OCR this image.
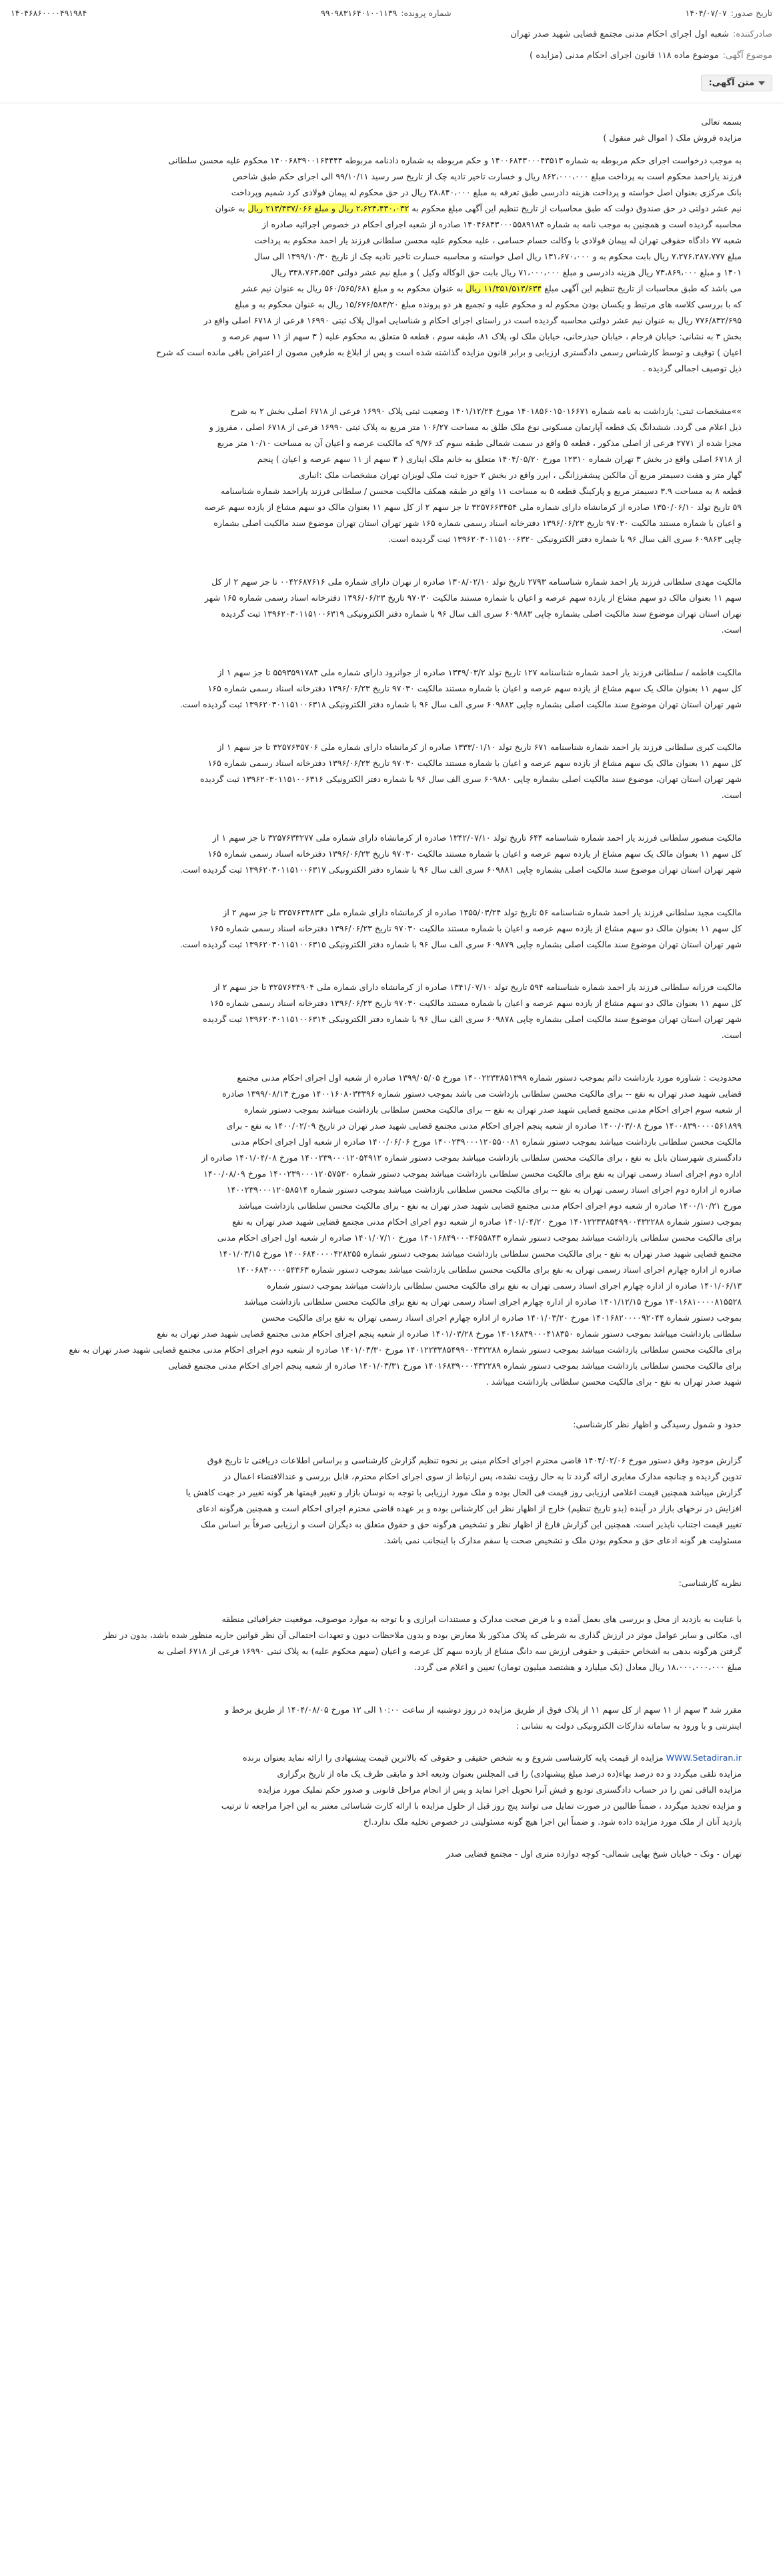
تاریخ صدور:
۱۴۰۴/۰۷/۰۷
شماره پرونده:
۹۹۰۹۸۳۱۶۴۰۱۰۰۱۱۳۹
۱۴۰۴۶۸۶۰۰۰۰۴۹۱۹۸۴
صادرکننده:
شعبه اول اجرای احکام مدنی مجتمع قضایی شهید صدر تهران
موضوع آگهی:
موضوع ماده ۱۱۸ قانون اجرای احکام مدنی (مزایده )
متن آگهی:

بسمه تعالی

مزایده فروش ملک ( اموال غیر منقول )

به موجب درخواست اجرای حکم مربوطه به شماره ۱۴۰۰۶۸۴۳۰۰۰۴۳۵۱۳ و حکم مربوطه به شماره دادنامه مربوطه ۱۴۰۰۶۸۳۹۰۰۱۶۴۴۴۴ محکوم علیه محسن سلطانی
فرزند یاراحمد محکوم است به پرداخت مبلغ ۸۶۲،۰۰۰،۰۰۰ ریال و خسارت تاخیر تادیه چک از تاریخ سر رسید ۹۹/۱۰/۱۱ الی اجرای حکم طبق شاخص
بانک مرکزی بعنوان اصل خواسته و پرداخت هزینه دادرسی طبق تعرفه به مبلغ ۲۸،۸۴۰،۰۰۰ ریال در حق محکوم له پیمان فولادی کرد شمیم وپرداخت
نیم عشر دولتی در حق صندوق دولت که طبق محاسبات از تاریخ تنظیم این آگهی مبلغ محکوم به ۲،۶۲۴،۴۳۰،۰۳۲ ریال و مبلغ ۲۱۳/۴۳۷/۰۶۶ ریال به عنوان
محاسبه گردیده است و همچنین به موجب نامه به شماره ۱۴۰۴۶۸۴۳۰۰۰۵۵۸۹۱۸۴ صادره از شعبه اجرای احکام در خصوص اجرائیه صادره از
شعبه ۷۷ دادگاه حقوقی تهران له پیمان فولادی با وکالت حسام حسامی ، علیه محکوم علیه محسن سلطانی فرزند یار احمد محکوم به پرداخت
مبلغ ۷،۲۷۶،۲۸۷،۷۷۷ ریال بابت محکوم به و ۱۳۱،۶۷۰،۰۰۰ ریال اصل خواسته و محاسبه خسارت تاخیر تادیه چک از تاریخ ۱۳۹۹/۱۰/۳۰ الی سال
۱۴۰۱ و مبلغ ۷۳،۸۶۹،۰۰۰ ریال هزینه دادرسی و مبلغ ۷۱،۰۰۰،۰۰۰ ریال بابت حق الوکاله وکیل ) و مبلغ نیم عشر دولتی ۳۳۸،۷۶۳،۵۵۴ ریال
می باشد که طبق محاسبات از تاریخ تنظیم این آگهی مبلغ ۱۱/۳۵۱/۵۱۳/۶۳۴ ریال به عنوان محکوم به و مبلغ ۵۶۰/۵۶۵/۶۸۱ ریال به عنوان نیم عشر
که با بررسی کلاسه های مرتبط و یکسان بودن محکوم له و محکوم علیه و تجمیع هر دو پرونده مبلغ ۱۵/۶۷۶/۵۸۳/۲۰ ریال به عنوان محکوم به و مبلغ
۷۷۶/۸۳۲/۶۹۵ ریال به عنوان نیم عشر دولتی محاسبه گردیده است در راستای اجرای احکام و شناسایی اموال پلاک ثبتی ۱۶۹۹۰ فرعی از ۶۷۱۸ اصلی واقع در
بخش ۳ به نشانی: خیابان فرجام ، خیابان حیدرخانی، خیابان ملک لو، پلاک ۸۱، طبقه سوم ، قطعه ۵ متعلق به محکوم علیه ( ۳ سهم از ۱۱ سهم عرصه و
اعیان ) توقیف و توسط کارشناس رسمی دادگستری ارزیابی و برابر قانون مزایده گذاشته شده است و پس از ابلاغ به طرفین مصون از اعتراض باقی مانده است که شرح
ذیل توصیف اجمالی گردیده .
»»مشخصات ثبتی: بازداشت به نامه شماره ۱۴۰۱۸۵۶۰۱۵۰۱۶۶۷۱ مورخ ۱۴۰۱/۱۲/۲۴ وضعیت ثبتی پلاک ۱۶۹۹۰ فرعی از ۶۷۱۸ اصلی بخش ۲ به شرح
ذیل اعلام می گردد. ششدانگ یک قطعه آپارتمان مسکونی نوع ملک طلق به مساحت ۱۰۶/۲۷ متر مربع به پلاک ثبتی ۱۶۹۹۰ فرعی از ۶۷۱۸ اصلی ، مفروز و
مجزا شده از ۲۷۷۱ فرعی از اصلی مذکور ، قطعه ۵ واقع در سمت شمالی طبقه سوم کد ۹/۷۶ که مالکیت عرصه و اعیان آن به مساحت ۱۰/۱۰ متر مربع
از ۶۷۱۸ اصلی واقع در بخش ۳ تهران شماره ۱۲۳۱۰ مورخ ۱۴۰۴/۰۵/۲۰ متعلق به خانم ملک ایناری ( ۳ سهم از ۱۱ سهم عرصه و اعیان ) پنجم
گهار متر و هفت دسیمتر مربع آن مالکین پیشفرزانگی ، ایرر واقع در بخش ۲ حوزه ثبت ملک لویزان تهران مشخصات ملک :انباری
قطعه ۸ به مساحت ۳.۹ دسیمتر مربع و پارکینگ قطعه ۵ به مساحت ۱۱ واقع در طبقه همکف مالکیت محسن / سلطانی فرزند یاراحمد شماره شناسنامه
۵۹ تاریخ تولد ۱۳۵۰/۰۶/۱۰ صادره از کرمانشاه دارای شماره ملی ۳۲۵۷۶۶۳۴۵۴ تا جز سهم ۲ از کل سهم ۱۱ بعنوان مالک دو سهم مشاع از یازده سهم عرصه
و اعیان با شماره مستند مالکیت ۹۷۰۳۰ تاریخ ۱۳۹۶/۰۶/۲۳ دفترخانه اسناد رسمی شماره ۱۶۵ شهر تهران استان تهران موضوع سند مالکیت اصلی بشماره
چاپی ۶۰۹۸۶۳ سری الف سال ۹۶ با شماره دفتر الکترونیکی ۱۳۹۶۲۰۳۰۱۱۵۱۰۰۶۳۲۰ ثبت گردیده است.
مالکیت مهدی سلطانی فرزند یار احمد شماره شناسنامه ۲۷۹۳ تاریخ تولد ۱۳۰۸/۰۲/۱۰ صادره از تهران دارای شماره ملی ۰۰۴۲۶۸۷۶۱۶ تا جز سهم ۲ از کل
سهم ۱۱ بعنوان مالک دو سهم مشاع از یازده سهم عرصه و اعیان با شماره مستند مالکیت ۹۷۰۳۰ تاریخ ۱۳۹۶/۰۶/۲۳ دفترخانه اسناد رسمی شماره ۱۶۵ شهر
تهران استان تهران موضوع سند مالکیت اصلی بشماره چاپی ۶۰۹۸۸۳ سری الف سال ۹۶ با شماره دفتر الکترونیکی ۱۳۹۶۲۰۳۰۱۱۵۱۰۰۶۳۱۹ ثبت گردیده
است.
مالکیت فاطمه / سلطانی فرزند یار احمد شماره شناسنامه ۱۲۷ تاریخ تولد ۱۳۴۹/۰۳/۲ صادره از جوانرود دارای شماره ملی ۵۵۹۳۵۹۱۷۸۴ تا جز سهم ۱ از
کل سهم ۱۱ بعنوان مالک یک سهم مشاع از یازده سهم عرصه و اعیان با شماره مستند مالکیت ۹۷۰۳۰ تاریخ ۱۳۹۶/۰۶/۲۳ دفترخانه اسناد رسمی شماره ۱۶۵
شهر تهران استان تهران موضوع سند مالکیت اصلی بشماره چاپی ۶۰۹۸۸۲ سری الف سال ۹۶ با شماره دفتر الکترونیکی ۱۳۹۶۲۰۳۰۱۱۵۱۰۰۶۳۱۸ ثبت گردیده است.
مالکیت کبری سلطانی فرزند یار احمد شماره شناسنامه ۶۷۱ تاریخ تولد ۱۳۳۳/۰۱/۱۰ صادره از کرمانشاه دارای شماره ملی ۳۲۵۷۶۳۵۷۰۶ تا جز سهم ۱ از
کل سهم ۱۱ بعنوان مالک یک سهم مشاع از یازده سهم عرصه و اعیان با شماره مستند مالکیت ۹۷۰۳۰ تاریخ ۱۳۹۶/۰۶/۲۳ دفترخانه اسناد رسمی شماره ۱۶۵
شهر تهران استان تهران، موضوع سند مالکیت اصلی بشماره چاپی ۶۰۹۸۸۰ سری الف سال ۹۶ با شماره دفتر الکترونیکی ۱۳۹۶۲۰۳۰۱۱۵۱۰۰۶۳۱۶ ثبت گردیده
است.
مالکیت منصور سلطانی فرزند یار احمد شماره شناسنامه ۶۴۴ تاریخ تولد ۱۳۴۲/۰۷/۱۰ صادره از کرمانشاه دارای شماره ملی ۳۲۵۷۶۳۳۲۷۷ تا جز سهم ۱ از
کل سهم ۱۱ بعنوان مالک یک سهم مشاع از یازده سهم عرصه و اعیان با شماره مستند مالکیت ۹۷۰۳۰ تاریخ ۱۳۹۶/۰۶/۲۳ دفترخانه اسناد رسمی شماره ۱۶۵
شهر تهران استان تهران موضوع سند مالکیت اصلی بشماره چاپی ۶۰۹۸۸۱ سری الف سال ۹۶ با شماره دفتر الکترونیکی ۱۳۹۶۲۰۳۰۱۱۵۱۰۰۶۳۱۷ ثبت گردیده است.
مالکیت مجید سلطانی فرزند یار احمد شماره شناسنامه ۵۶ تاریخ تولد ۱۳۵۵/۰۳/۲۴ صادره از کرمانشاه دارای شماره ملی ۳۲۵۷۶۳۴۸۳۳ تا جز سهم ۲ از
کل سهم ۱۱ بعنوان مالک دو سهم مشاع از یازده سهم عرصه و اعیان با شماره مستند مالکیت ۹۷۰۳۰ تاریخ ۱۳۹۶/۰۶/۲۳ دفترخانه اسناد رسمی شماره ۱۶۵
شهر تهران استان تهران موضوع سند مالکیت اصلی بشماره چاپی ۶۰۹۸۷۹ سری الف سال ۹۶ با شماره دفتر الکترونیکی ۱۳۹۶۲۰۳۰۱۱۵۱۰۰۶۳۱۵ ثبت گردیده است.
مالکیت فرزانه سلطانی فرزند یار احمد شماره شناسنامه ۵۹۴ تاریخ تولد ۱۳۴۱/۰۷/۱۰ صادره از کرمانشاه دارای شماره ملی ۳۲۵۷۶۳۴۹۰۴ تا جز سهم ۲ از
کل سهم ۱۱ بعنوان مالک دو سهم مشاع از یازده سهم عرصه و اعیان با شماره مستند مالکیت ۹۷۰۳۰ تاریخ ۱۳۹۶/۰۶/۲۳ دفترخانه اسناد رسمی شماره ۱۶۵
شهر تهران استان تهران موضوع سند مالکیت اصلی بشماره چاپی ۶۰۹۸۷۸ سری الف سال ۹۶ با شماره دفتر الکترونیکی ۱۳۹۶۲۰۳۰۱۱۵۱۰۰۶۳۱۴ ثبت گردیده
است.
محدودیت : شناوره مورد بازداشت دائم بموجب دستور شماره ۱۴۰۰۲۲۳۳۸۵۱۳۹۹ مورخ ۱۳۹۹/۰۵/۰۵ صادره از شعبه اول اجرای احکام مدنی مجتمع
قضایی شهید صدر تهران به نفع -- برای مالکیت محسن سلطانی بازداشت می باشد بموجب دستور شماره ۱۴۰۰۱۶۰۸۰۳۳۳۹۶ مورخ ۱۳۹۹/۰۸/۱۳ صادره
از شعبه سوم اجرای احکام مدنی مجتمع قضایی شهید صدر تهران به نفع -- برای مالکیت محسن سلطانی بازداشت میباشد بموجب دستور شماره
۱۴۰۰۸۳۹۰۰۰۰۵۶۱۸۹۹ مورخ ۱۴۰۰/۰۳/۰۸ صادره از شعبه پنجم اجرای احکام مدنی مجتمع قضایی شهید صدر تهران در تاریخ ۱۴۰۰/۰۲/۰۹ به نفع - برای
مالکیت محسن سلطانی بازداشت میباشد بموجب دستور شماره ۱۴۰۰۲۳۹۰۰۰۱۲۰۵۵۰۰۸۱ مورخ ۱۴۰۰/۰۶/۰۶ صادره از شعبه اول اجرای احکام مدنی
دادگستری شهرستان بابل به نفع ، برای مالکیت محسن سلطانی بازداشت میباشد بموجب دستور شماره ۱۴۰۰۲۳۹۰۰۰۱۲۰۵۴۹۱۲ مورخ ۱۴۰۱/۰۴/۰۸ صادره از
اداره دوم اجرای اسناد رسمی تهران به نفع برای مالکیت محسن سلطانی بازداشت میباشد بموجب دستور شماره ۱۴۰۰۲۳۹۰۰۰۱۲۰۵۷۵۳۰ مورخ ۱۴۰۰/۰۸/۰۹
صادره از اداره دوم اجرای اسناد رسمی تهران به نفع -- برای مالکیت محسن سلطانی بازداشت میباشد بموجب دستور شماره ۱۴۰۰۲۳۹۰۰۰۱۲۰۵۸۵۱۴
مورخ ۱۴۰۰/۱۰/۲۱ صادره از شعبه دوم اجرای احکام مدنی مجتمع قضایی شهید صدر تهران به نفع - برای مالکیت محسن سلطانی بازداشت میباشد
بموجب دستور شماره ۱۴۰۱۲۲۳۳۸۵۴۹۹۰۰۴۳۲۲۸۸ مورخ ۱۴۰۱/۰۴/۲۰ صادره از شعبه دوم اجرای احکام مدنی مجتمع قضایی شهید صدر تهران به نفع
برای مالکیت محسن سلطانی بازداشت میباشد بموجب دستور شماره ۱۴۰۱۶۸۴۹۰۰۰۳۶۵۵۸۴۳ مورخ ۱۴۰۱/۰۷/۱۰ صادره از شعبه اول اجرای احکام مدنی
مجتمع قضایی شهید صدر تهران به نفع - برای مالکیت محسن سلطانی بازداشت میباشد بموجب دستور شماره ۱۴۰۰۶۸۴۰۰۰۰۴۲۸۲۵۵ مورخ ۱۴۰۱/۰۳/۱۵
صادره از اداره چهارم اجرای اسناد رسمی تهران به نفع برای مالکیت محسن سلطانی بازداشت میباشد بموجب دستور شماره ۱۴۰۰۶۸۳۰۰۰۰۵۴۳۶۳
۱۴۰۱/۰۶/۱۳ صادره از اداره چهارم اجرای اسناد رسمی تهران به نفع برای مالکیت محسن سلطانی بازداشت میباشد بموجب دستور شماره
۱۴۰۱۶۸۱۰۰۰۰۸۱۵۵۲۸ مورخ ۱۴۰۱/۱۲/۱۵ صادره از اداره چهارم اجرای اسناد رسمی تهران به نفع برای مالکیت محسن سلطانی بازداشت میباشد
بموجب دستور شماره ۱۴۰۱۶۸۲۰۰۰۰۹۲۰۴۴ مورخ ۱۴۰۱/۰۳/۲۰ صادره از اداره چهارم اجرای اسناد رسمی تهران به نفع برای مالکیت محسن
سلطانی بازداشت میباشد بموجب دستور شماره ۱۴۰۱۶۸۳۹۰۰۰۴۱۸۳۵۰ مورخ ۱۴۰۱/۰۳/۲۸ صادره از شعبه پنجم اجرای احکام مدنی مجتمع قضایی شهید صدر تهران به نفع
برای مالکیت محسن سلطانی بازداشت میباشد بموجب دستور شماره ۱۴۰۱۲۲۳۳۸۵۴۹۹۰۰۴۳۲۲۸۸ مورخ ۱۴۰۱/۰۳/۳۰ صادره از شعبه دوم اجرای احکام مدنی مجتمع قضایی شهید صدر تهران به نفع
برای مالکیت محسن سلطانی بازداشت میباشد بموجب دستور شماره ۱۴۰۱۶۸۳۹۰۰۰۴۳۲۲۸۹ مورخ ۱۴۰۱/۰۳/۳۱ صادره از شعبه پنجم اجرای احکام مدنی مجتمع قضایی
شهید صدر تهران به نفع - برای مالکیت محسن سلطانی بازداشت میباشد .

حدود و شمول رسیدگی و اظهار نظر کارشناسی:

گزارش موجود وفق دستور مورخ ۱۴۰۴/۰۲/۰۶ قاضی محترم اجرای احکام مبنی بر نحوه تنظیم گزارش کارشناسی و براساس اطلاعات دریافتی تا تاریخ فوق
تدوین گردیده و چنانچه مدارک مغایری ارائه گردد تا به حال رؤیت نشده، پس ارتباط از سوی اجرای احکام محترم، قابل بررسی و عندالاقتضاء اعمال در
گزارش میباشد همچنین قیمت اعلامی ارزیابی روز قیمت فی الحال بوده و ملک مورد ارزیابی با توجه به نوسان بازار و تغییر قیمتها هر گونه تغییر در جهت کاهش یا
افزایش در نرخهای بازار در آینده (بدو تاریخ تنظیم) خارج از اظهار نظر این کارشناس بوده و بر عهده قاضی محترم اجرای احکام است و همچنین هرگونه ادعای
تغییر قیمت اجتناب ناپذیر است. همچنین این گزارش فارغ از اظهار نظر و تشخیص هرگونه حق و حقوق متعلق به دیگران است و ارزیابی صرفاً بر اساس ملک
مسئولیت هر گونه ادعای حق و محکوم بودن ملک و تشخیص صحت یا سقم مدارک با اینجانب نمی باشد.

نظریه کارشناسی:

با عنایت به بازدید از محل و بررسی های بعمل آمده و با فرض صحت مدارک و مستندات ابرازی و با توجه به موارد موصوف، موقعیت جغرافیائی منطقه
ای، مکانی و سایر عوامل موثر در ارزش گذاری به شرطی که پلاک مذکور بلا معارض بوده و بدون ملاحظات دیون و تعهدات احتمالی آن نظر قوانین جاریه منظور شده باشد، بدون در نظر
گرفتن هرگونه بدهی به اشخاص حقیقی و حقوقی ارزش سه دانگ مشاع از یازده سهم کل عرصه و اعیان (سهم محکوم علیه) به پلاک ثبتی ۱۶۹۹۰ فرعی از ۶۷۱۸ اصلی به
مبلغ ۱۸،۰۰۰،۰۰۰،۰۰۰ ریال معادل (یک میلیارد و هشتصد میلیون تومان) تعیین و اعلام می گردد.
مقرر شد ۳ سهم از ۱۱ سهم از کل سهم ۱۱ از پلاک فوق از طریق مزایده در روز دوشنبه از ساعت ۱۰:۰۰ الی ۱۲ مورخ ۱۴۰۴/۰۸/۰۵ از طریق برخط و
اینترنتی و با ورود به سامانه تدارکات الکترونیکی دولت به نشانی :
WWW.Setadiran.ir مزایده از قیمت پایه کارشناسی شروع و به شخص حقیقی و حقوقی که بالاترین قیمت پیشنهادی را ارائه نماید بعنوان برنده
مزایده تلقی میگردد و ده درصد بهاء(ده درصد مبلغ پیشنهادی) را فی المجلس بعنوان ودیعه اخذ و مابقی ظرف یک ماه از تاریخ برگزاری
مزایده الباقی ثمن را در حساب دادگستری تودیع و فیش آنرا تحویل اجرا نماید و پس از انجام مراحل قانونی و صدور حکم تملیک مورد مزایده
و مزایده تجدید میگردد ، ضمناً طالبین در صورت تمایل می توانند پنج روز قبل از حلول مزایده با ارائه کارت شناسائی معتبر به این اجرا مراجعه تا ترتیب
بازدید آنان از ملک مورد مزایده داده شود. و ضمناً این اجرا هیچ گونه مسئولیتی در خصوص تخلیه ملک ندارد.اخ

تهران - ونک - خیابان شیخ بهایی شمالی- کوچه دوازده متری اول - مجتمع قضایی صدر
